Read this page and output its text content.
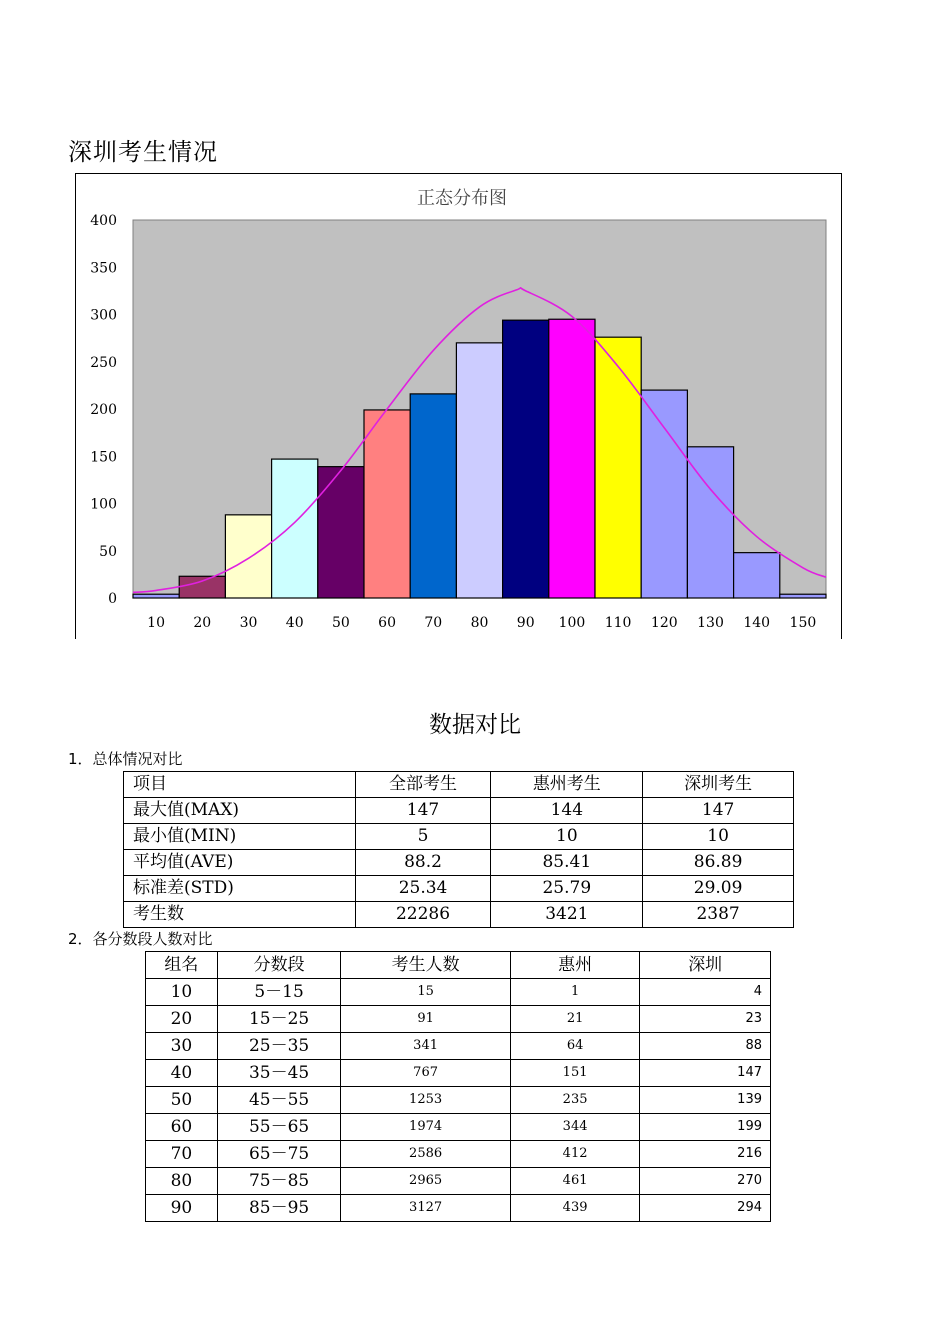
深圳考生情况
正态分布图
0
50
100
150
200
250
300
350
400
10 20 30 40 50 60 70 80 90 100 110 120 130 140 150
数据对比
1．总体情况对比
项目	全部考生	惠州考生	深圳考生
最大值(MAX)	147	144	147
最小值(MIN)	5	10	10
平均值(AVE)	88.2	85.41	86.89
标准差(STD)	25.34	25.79	29.09
考生数	22286	3421	2387
2．各分数段人数对比
组名	分数段	考生人数	惠州	深圳
10	5－15	15	1	4
20	15－25	91	21	23
30	25－35	341	64	88
40	35－45	767	151	147
50	45－55	1253	235	139
60	55－65	1974	344	199
70	65－75	2586	412	216
80	75－85	2965	461	270
90	85－95	3127	439	294
